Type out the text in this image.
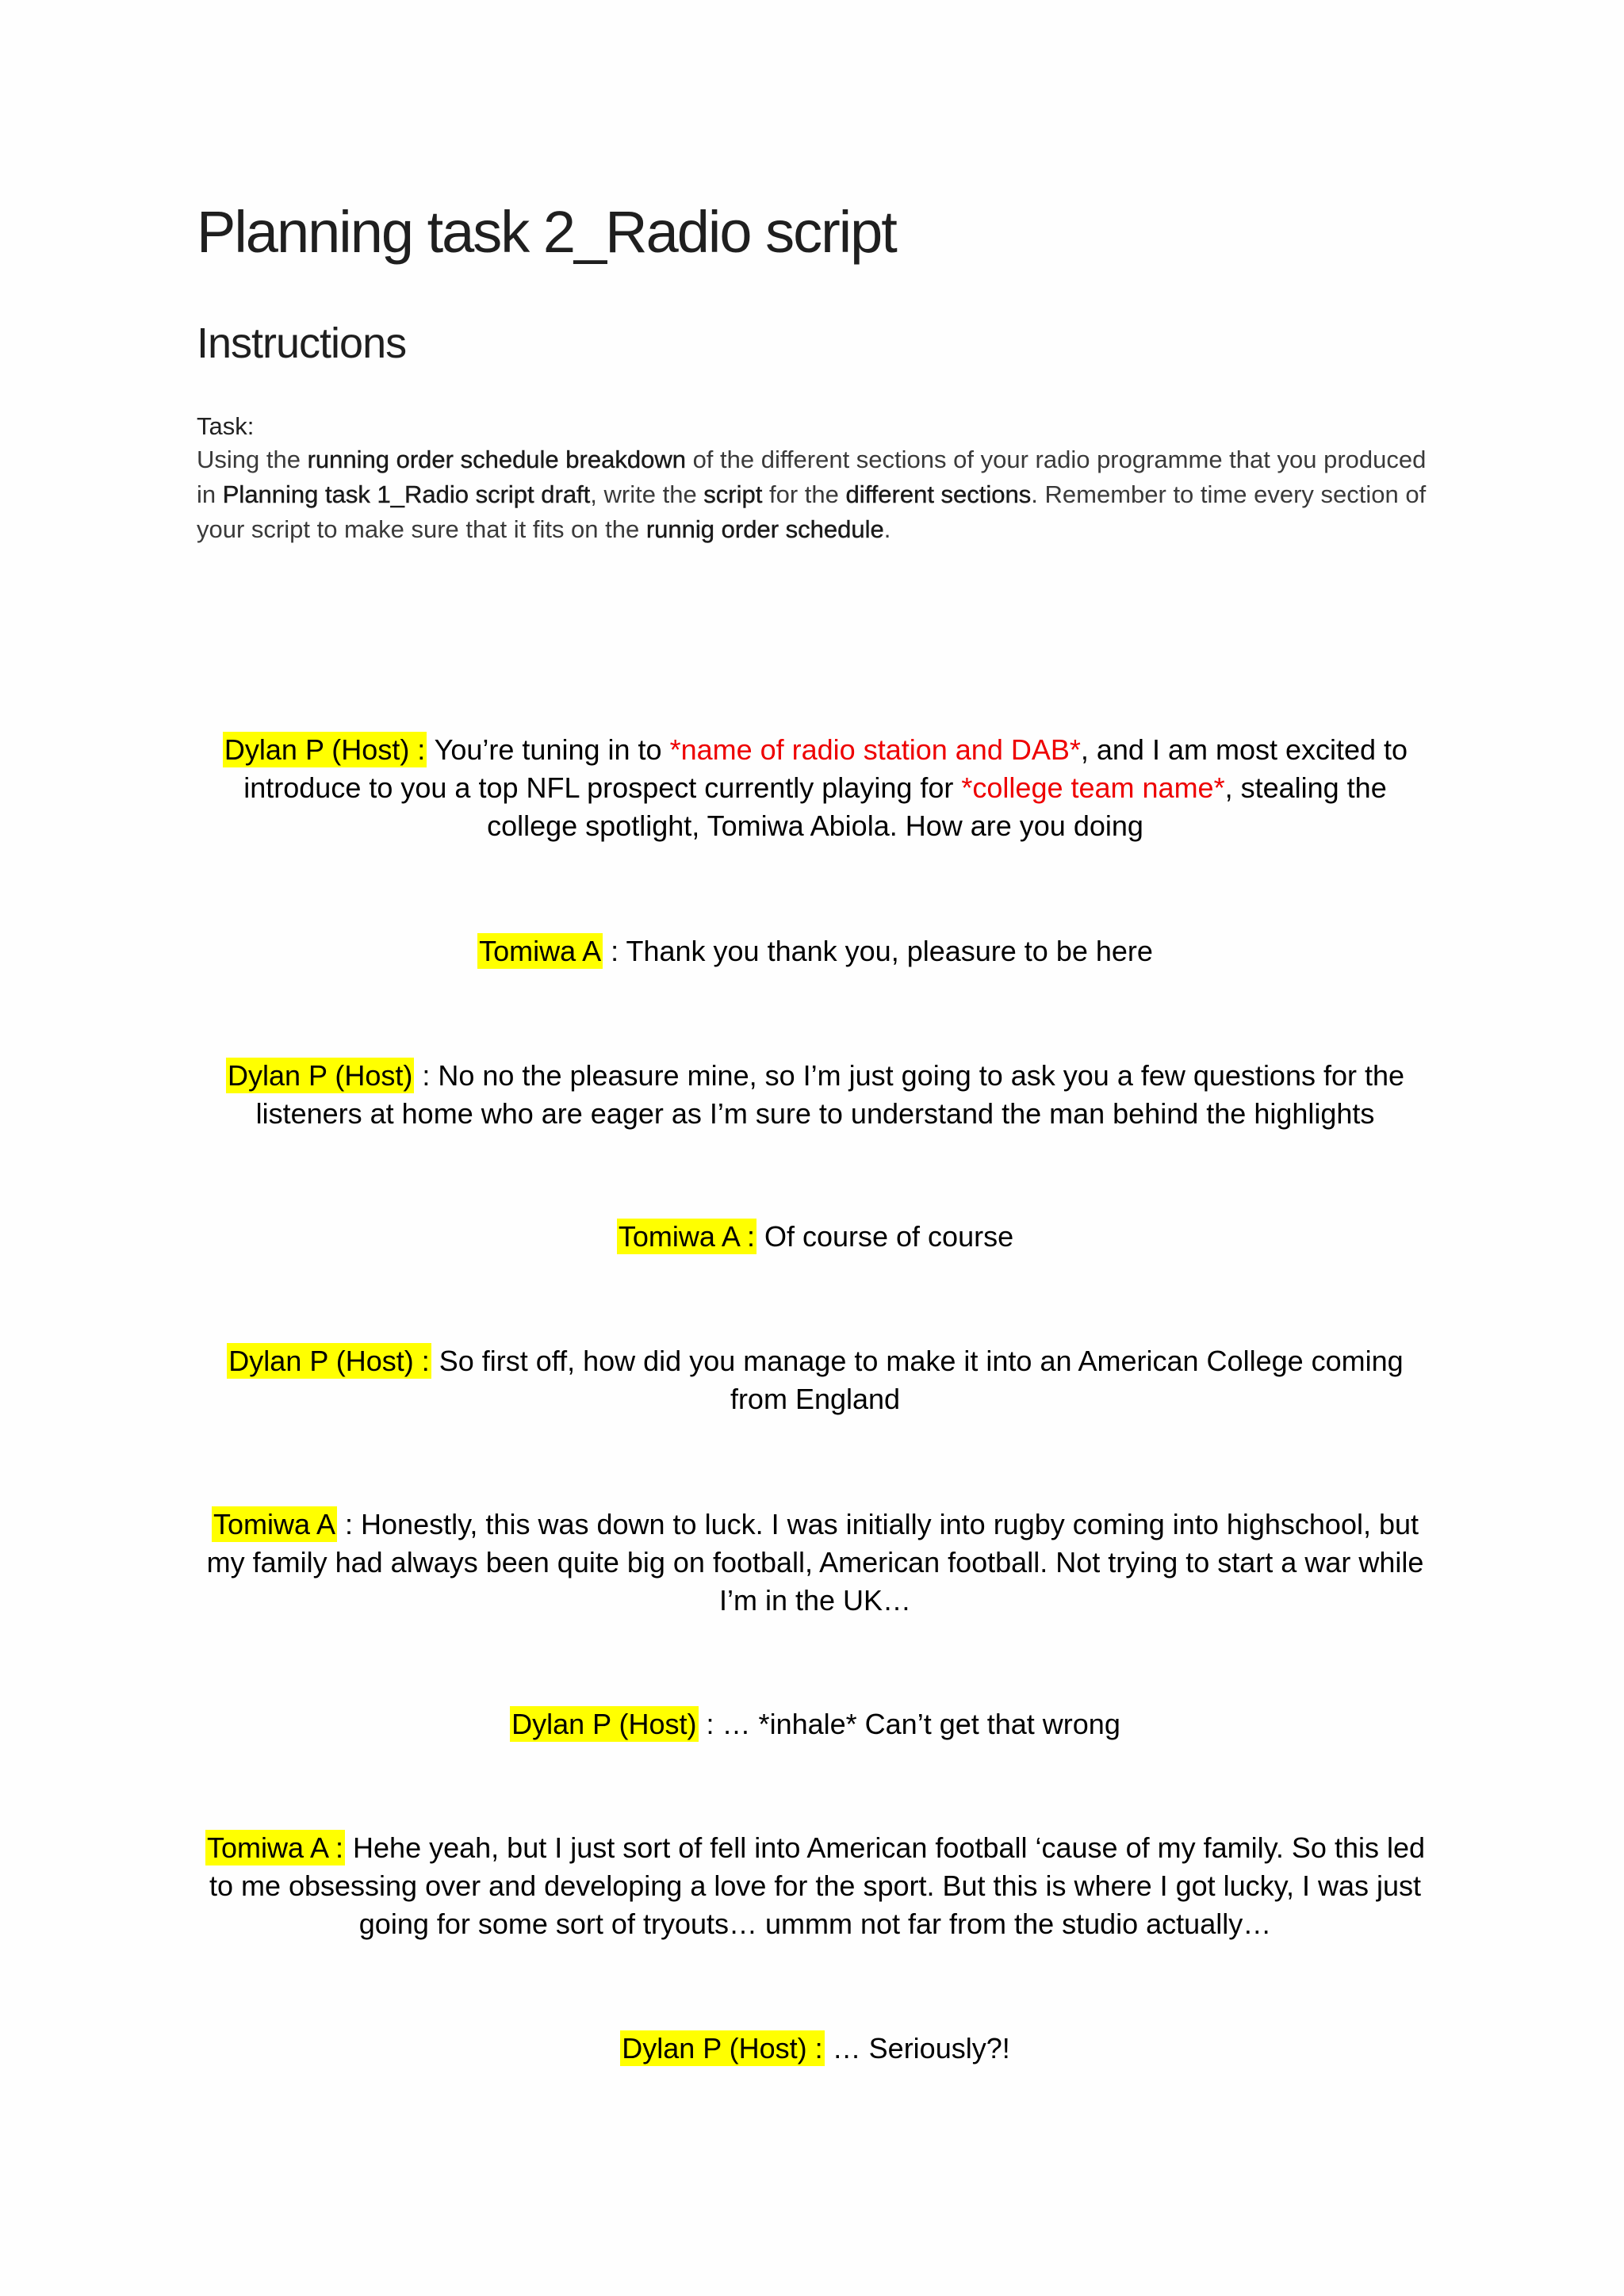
Planning task 2_Radio script
Instructions
Task:
Using the running order schedule breakdown of the different sections of your radio programme that you produced in Planning task 1_Radio script draft, write the script for the different sections. Remember to time every section of your script to make sure that it fits on the runnig order schedule.
Dylan P (Host) : You’re tuning in to *name of radio station and DAB*, and I am most excited to introduce to you a top NFL prospect currently playing for *college team name*, stealing the college spotlight, Tomiwa Abiola. How are you doing
Tomiwa A : Thank you thank you, pleasure to be here
Dylan P (Host) : No no the pleasure mine, so I’m just going to ask you a few questions for the listeners at home who are eager as I’m sure to understand the man behind the highlights
Tomiwa A : Of course of course
Dylan P (Host) : So first off, how did you manage to make it into an American College coming from England
Tomiwa A : Honestly, this was down to luck. I was initially into rugby coming into highschool, but my family had always been quite big on football, American football. Not trying to start a war while I’m in the UK…
Dylan P (Host) : … *inhale* Can’t get that wrong
Tomiwa A : Hehe yeah, but I just sort of fell into American football ‘cause of my family. So this led to me obsessing over and developing a love for the sport. But this is where I got lucky, I was just going for some sort of tryouts… ummm not far from the studio actually…
Dylan P (Host) : … Seriously?!
